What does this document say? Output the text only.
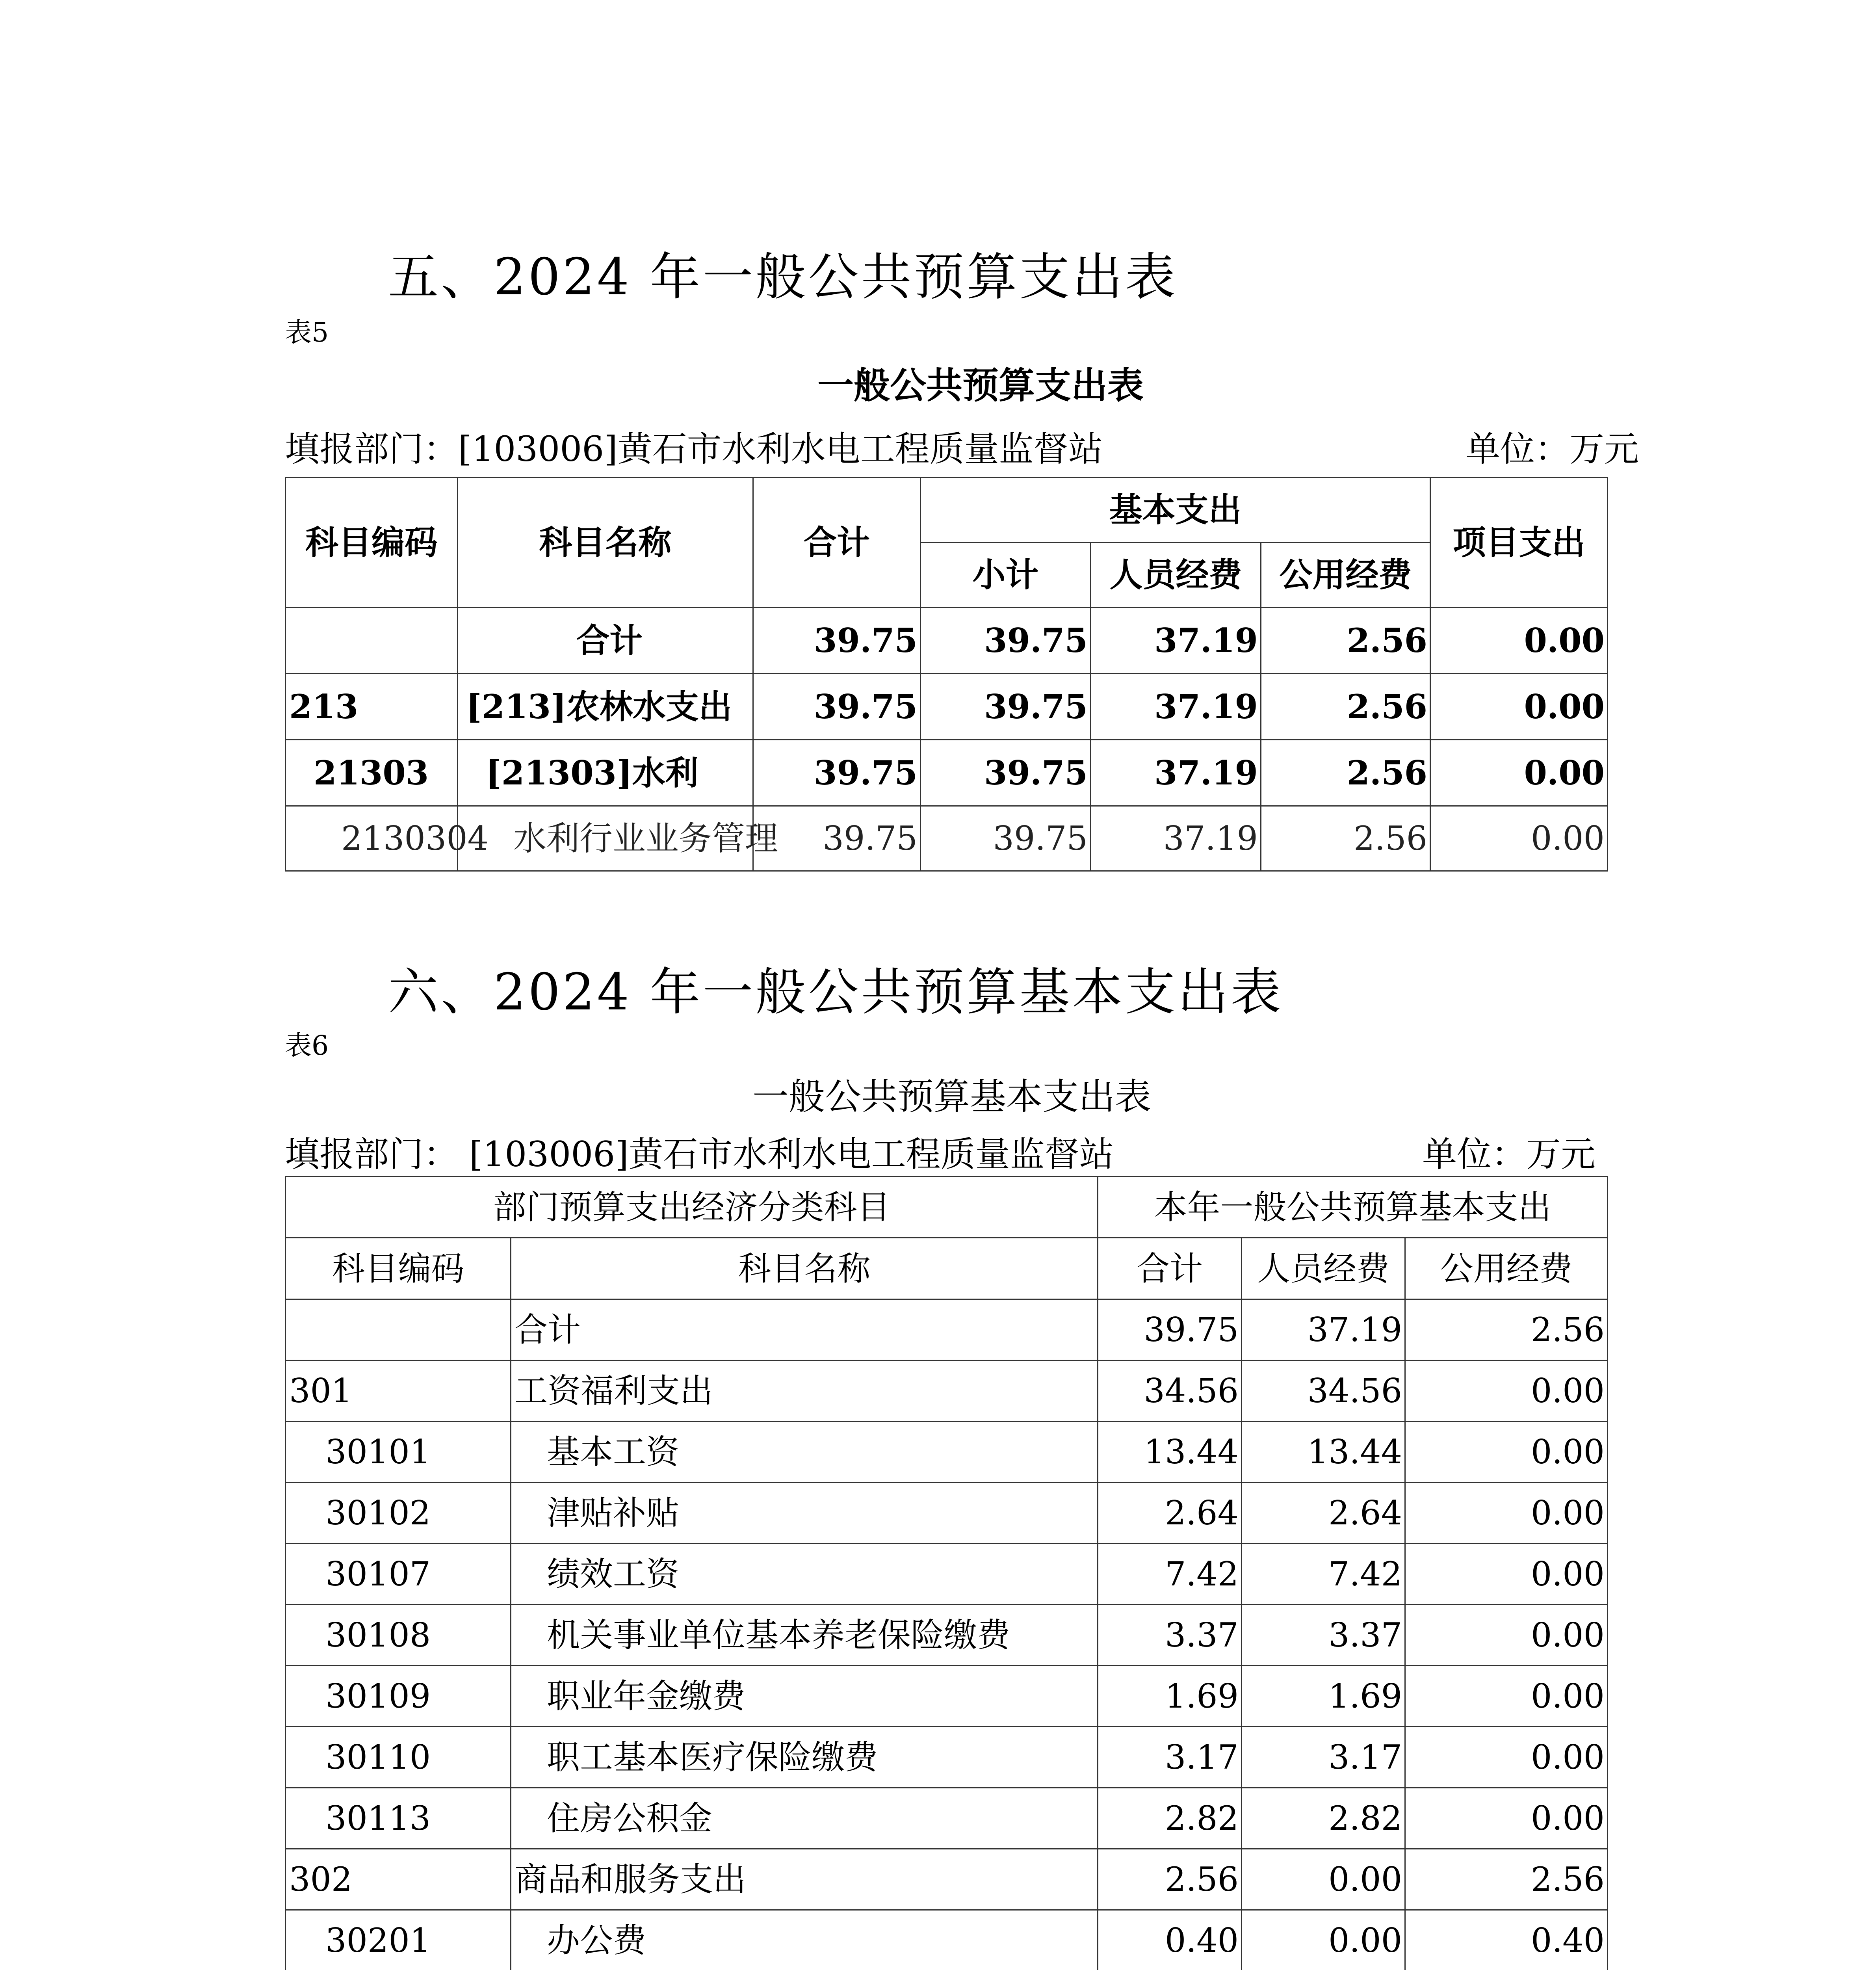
五、2024 年一般公共预算支出表
表5
一般公共预算支出表
填报部门：[103006]黄石市水利水电工程质量监督站	单位：万元
科目编码	科目名称	合计	基本支出			项目支出
			小计	人员经费	公用经费	
	合计	39.75	39.75	37.19	2.56	0.00
213	[213]农林水支出	39.75	39.75	37.19	2.56	0.00
21303	[21303]水利	39.75	39.75	37.19	2.56	0.00
2130304	水利行业业务管理	39.75	39.75	37.19	2.56	0.00
六、2024 年一般公共预算基本支出表
表6
一般公共预算基本支出表
填报部门： [103006]黄石市水利水电工程质量监督站	单位：万元
部门预算支出经济分类科目		本年一般公共预算基本支出		
科目编码	科目名称	合计	人员经费	公用经费
	合计	39.75	37.19	2.56
301	工资福利支出	34.56	34.56	0.00
30101	基本工资	13.44	13.44	0.00
30102	津贴补贴	2.64	2.64	0.00
30107	绩效工资	7.42	7.42	0.00
30108	机关事业单位基本养老保险缴费	3.37	3.37	0.00
30109	职业年金缴费	1.69	1.69	0.00
30110	职工基本医疗保险缴费	3.17	3.17	0.00
30113	住房公积金	2.82	2.82	0.00
302	商品和服务支出	2.56	0.00	2.56
30201	办公费	0.40	0.00	0.40
